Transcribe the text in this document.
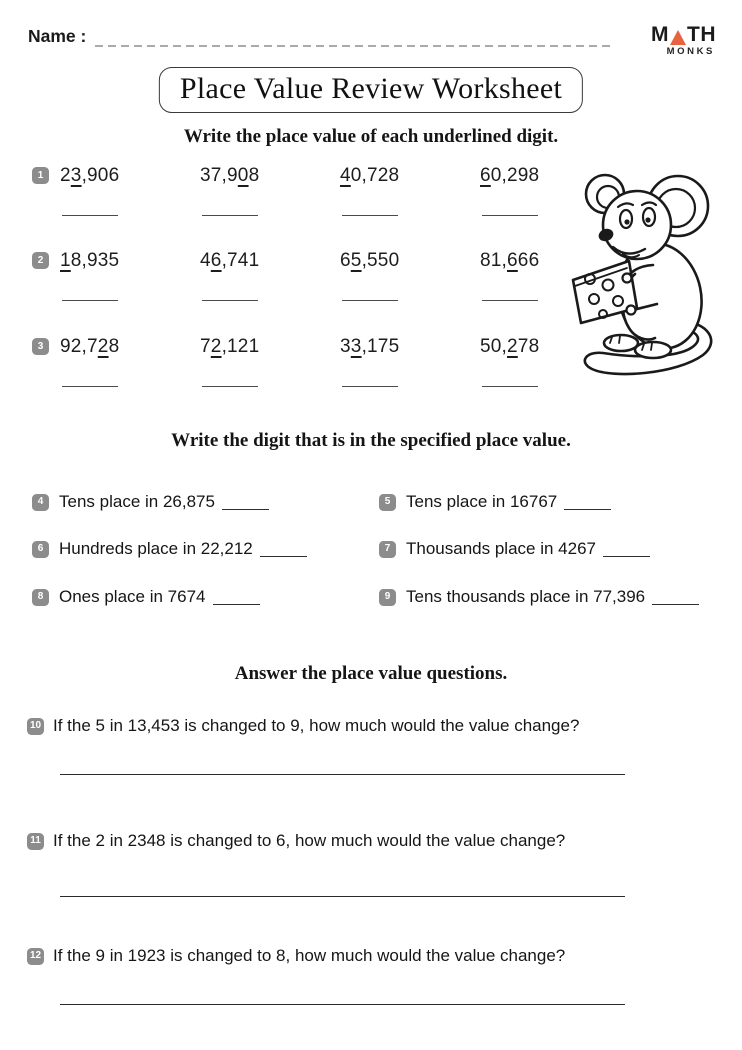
Name :	M TH
MONKS
Place Value Review Worksheet
Write the place value of each underlined digit.
1 23,906	37,908	40,728	60,298
2 18,935	46,741	65,550	81,666
3 92,728	72,121	33,175	50,278
Write the digit that is in the specified place value.
4 Tens place in 26,875	5 Tens place in 16767
6 Hundreds place in 22,212	7 Thousands place in 4267
8 Ones place in 7674	9 Tens thousands place in 77,396
Answer the place value questions.
10 If the 5 in 13,453 is changed to 9, how much would the value change?
11 If the 2 in 2348 is changed to 6, how much would the value change?
12 If the 9 in 1923 is changed to 8, how much would the value change?
